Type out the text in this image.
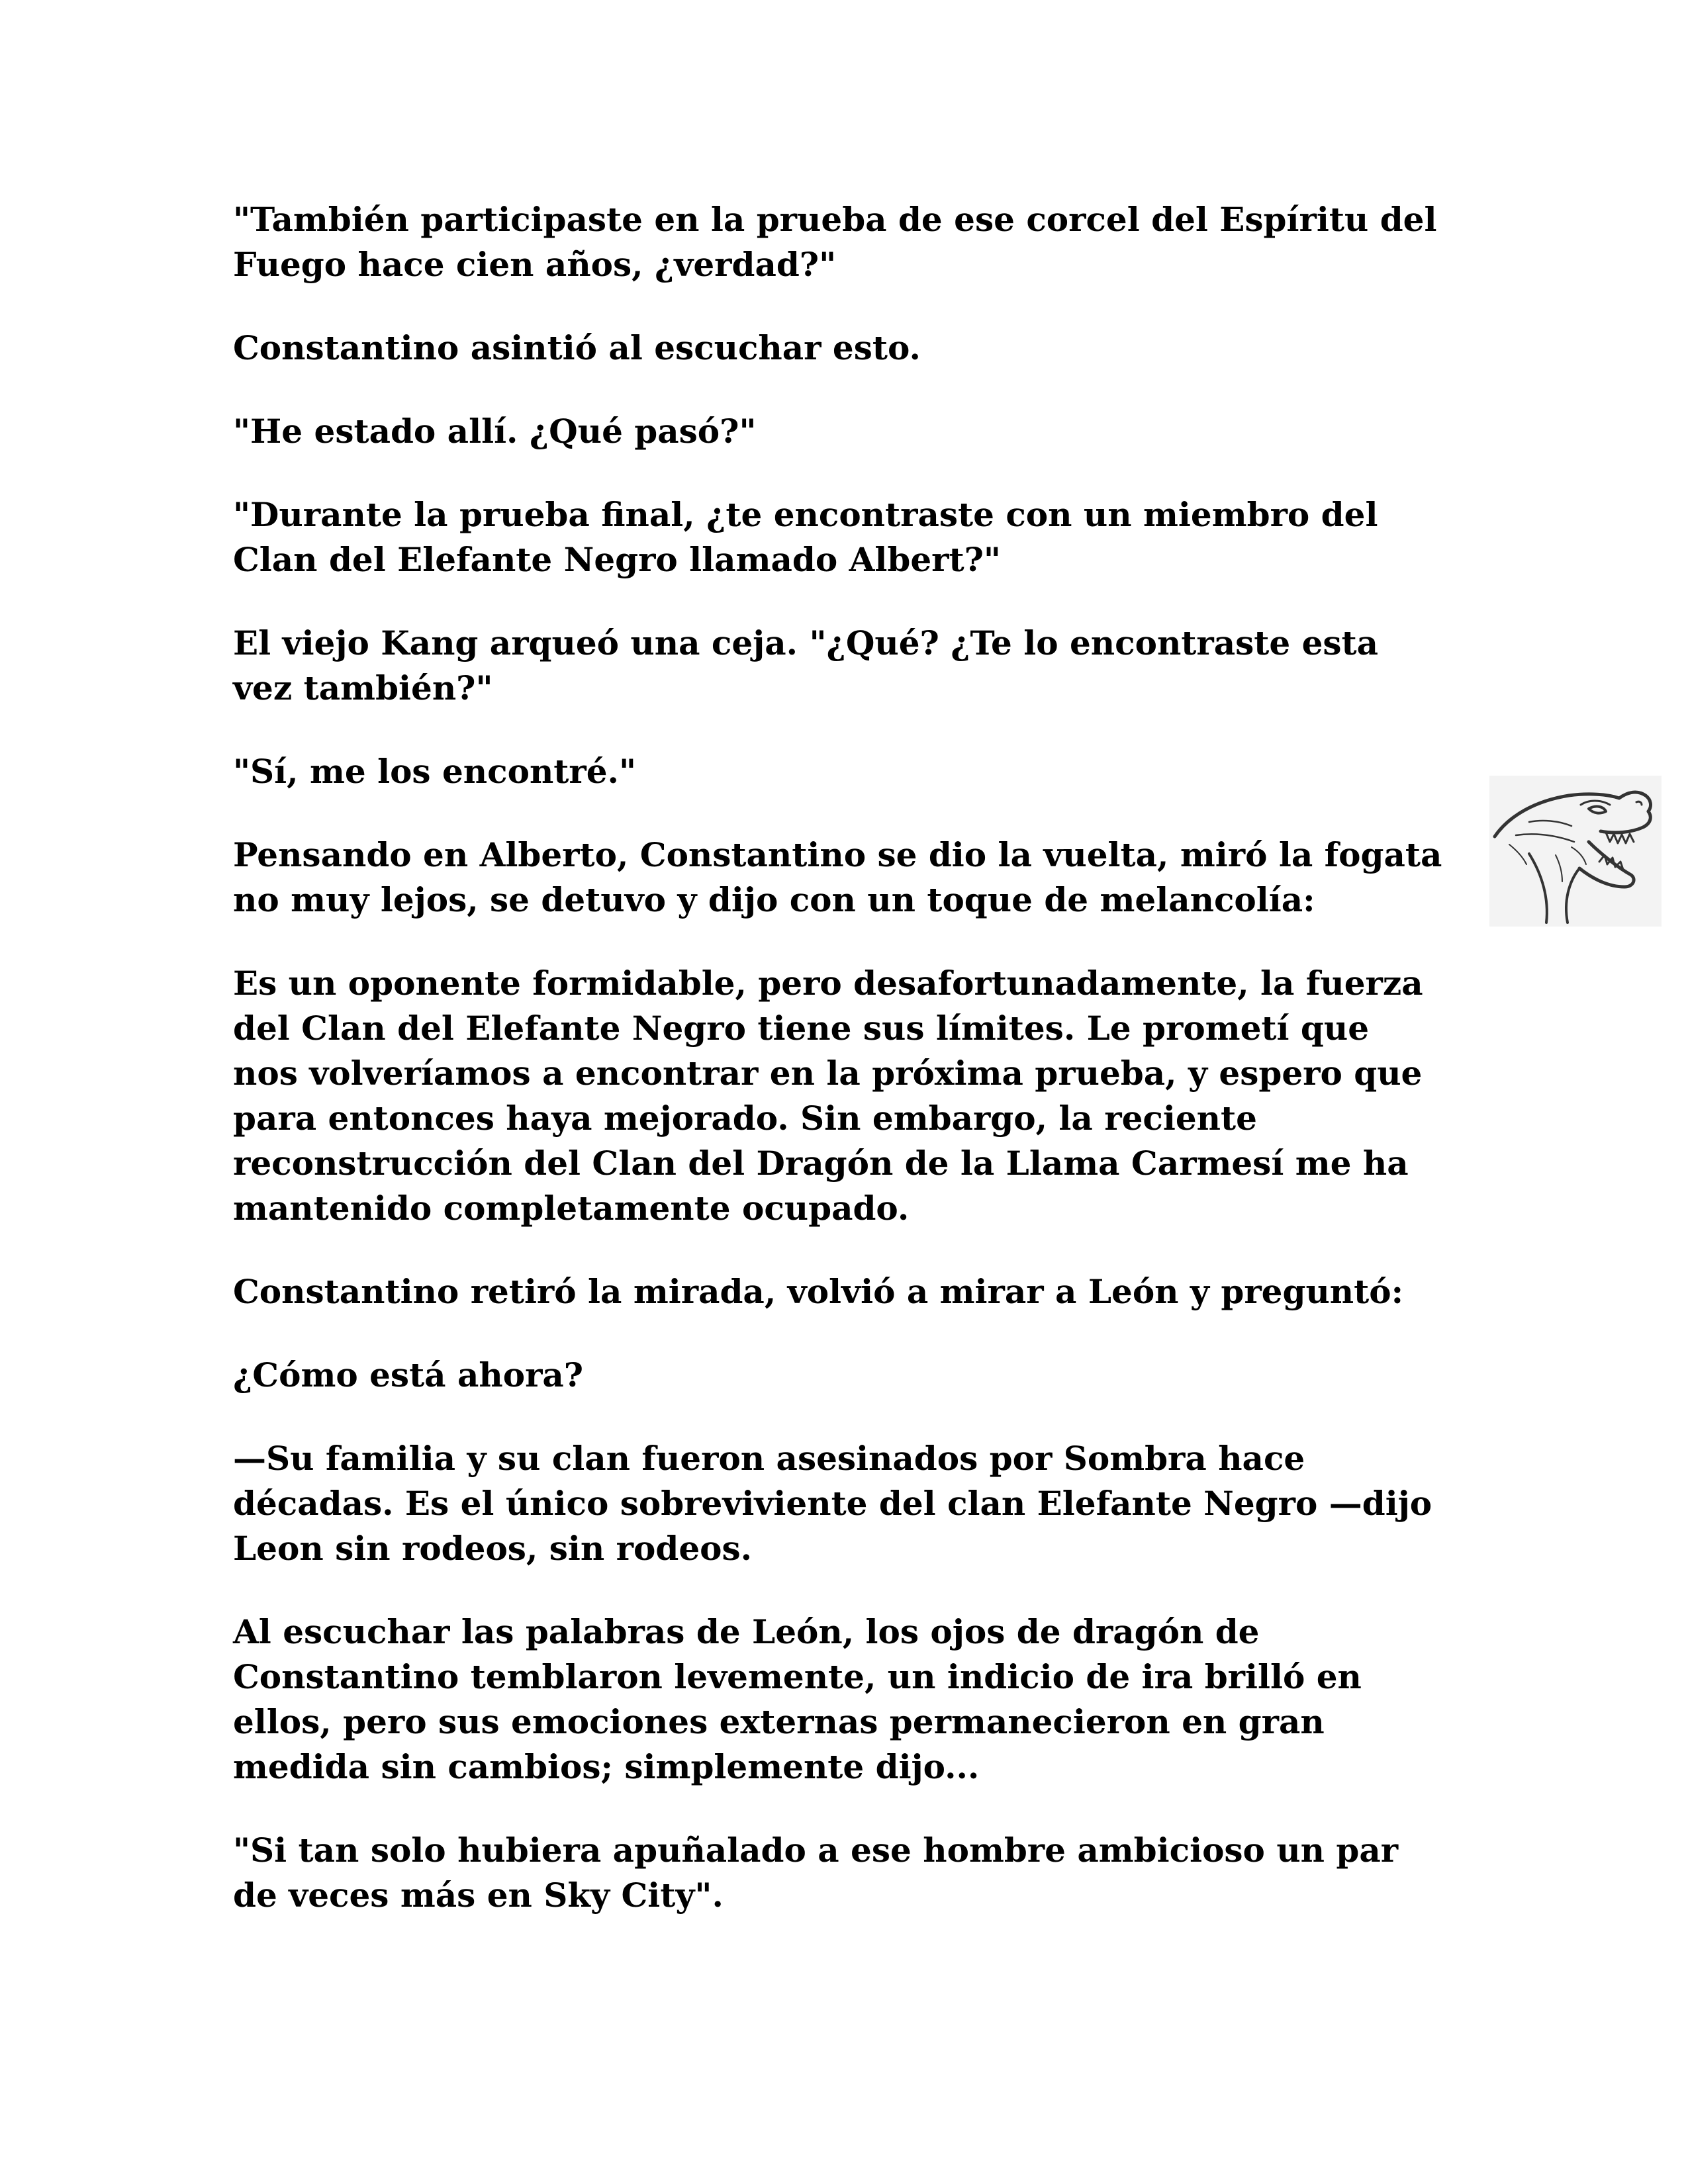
"También participaste en la prueba de ese corcel del Espíritu del Fuego hace cien años, ¿verdad?"

Constantino asintió al escuchar esto.

"He estado allí. ¿Qué pasó?"

"Durante la prueba final, ¿te encontraste con un miembro del Clan del Elefante Negro llamado Albert?"

El viejo Kang arqueó una ceja. "¿Qué? ¿Te lo encontraste esta vez también?"

"Sí, me los encontré."

Pensando en Alberto, Constantino se dio la vuelta, miró la fogata no muy lejos, se detuvo y dijo con un toque de melancolía:

Es un oponente formidable, pero desafortunadamente, la fuerza del Clan del Elefante Negro tiene sus límites. Le prometí que nos volveríamos a encontrar en la próxima prueba, y espero que para entonces haya mejorado. Sin embargo, la reciente reconstrucción del Clan del Dragón de la Llama Carmesí me ha mantenido completamente ocupado.

Constantino retiró la mirada, volvió a mirar a León y preguntó:

¿Cómo está ahora?

—Su familia y su clan fueron asesinados por Sombra hace décadas. Es el único sobreviviente del clan Elefante Negro —dijo Leon sin rodeos, sin rodeos.

Al escuchar las palabras de León, los ojos de dragón de Constantino temblaron levemente, un indicio de ira brilló en ellos, pero sus emociones externas permanecieron en gran medida sin cambios; simplemente dijo...

"Si tan solo hubiera apuñalado a ese hombre ambicioso un par de veces más en Sky City".
